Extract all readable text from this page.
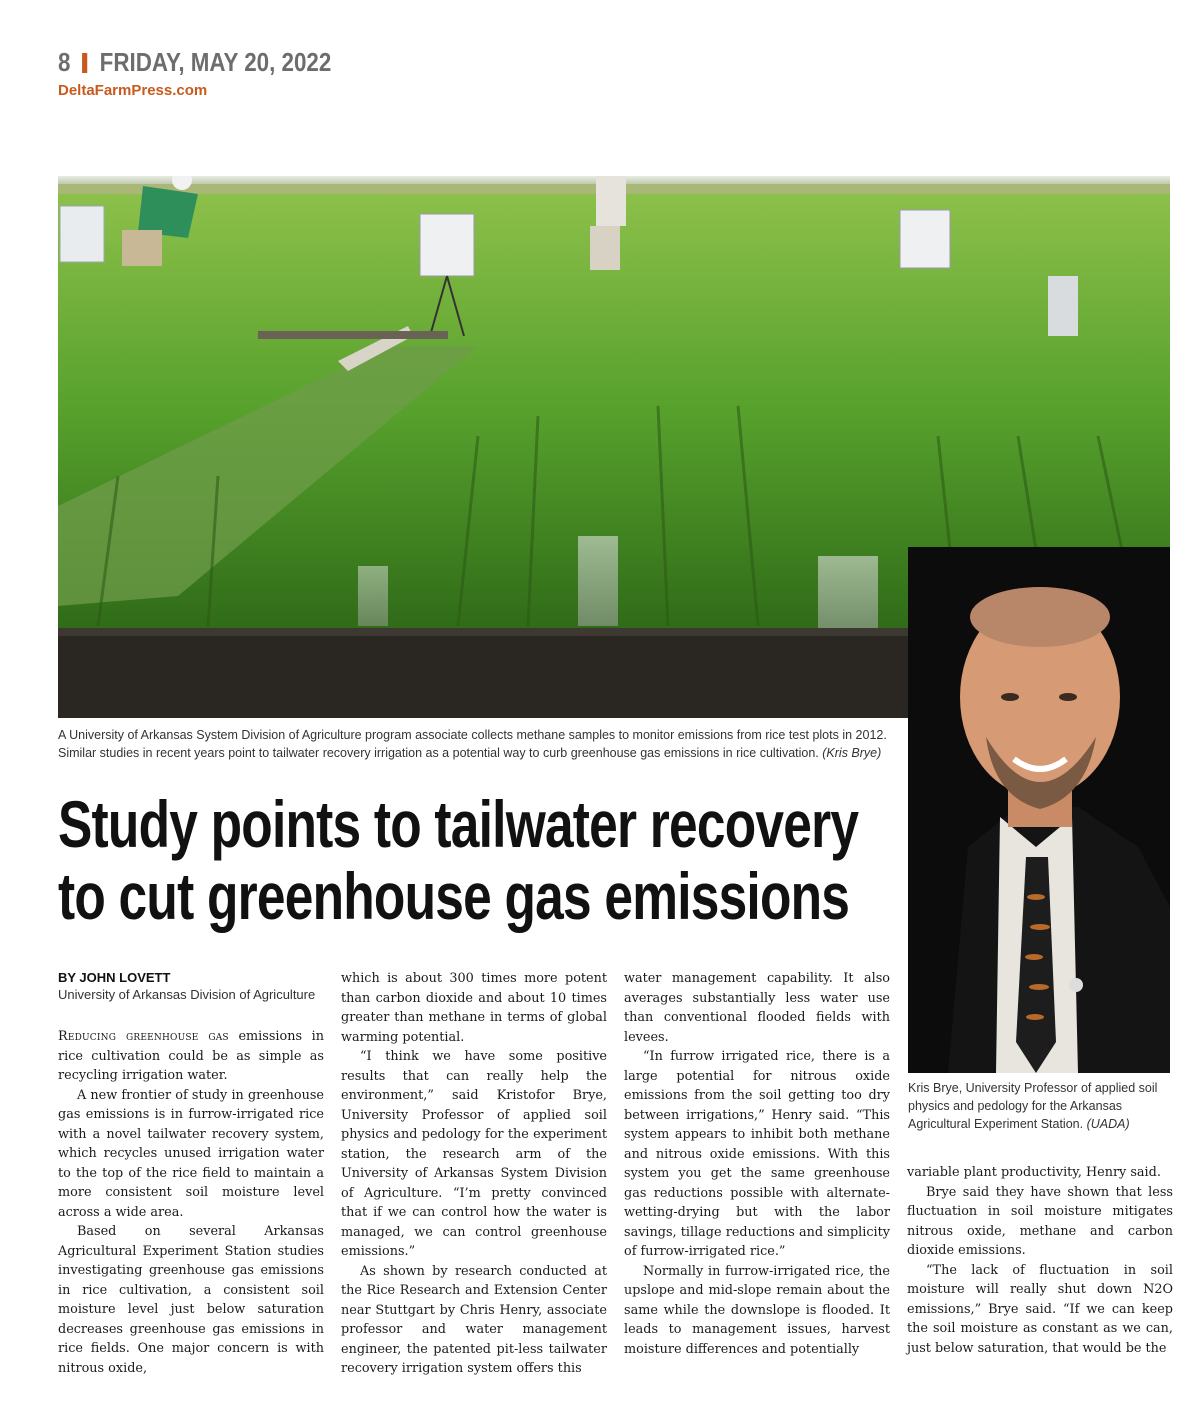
8 FRIDAY, MAY 20, 2022
DeltaFarmPress.com
A University of Arkansas System Division of Agriculture program associate collects methane samples to monitor emissions from rice test plots in 2012. Similar studies in recent years point to tailwater recovery irrigation as a potential way to curb greenhouse gas emissions in rice cultivation. (Kris Brye)
Kris Brye, University Professor of applied soil physics and pedology for the Arkansas Agricultural Experiment Station. (UADA)
Study points to tailwater recovery
to cut greenhouse gas emissions
BY JOHN LOVETT
University of Arkansas Division of Agriculture

Reducing greenhouse gas emissions in rice cultivation could be as simple as recycling irrigation water.

A new frontier of study in greenhouse gas emissions is in furrow-irrigated rice with a novel tailwater recovery system, which recycles unused irrigation water to the top of the rice field to maintain a more consistent soil moisture level across a wide area.

Based on several Arkansas Agricultural Experiment Station studies investigating greenhouse gas emissions in rice cultivation, a consistent soil moisture level just below saturation decreases greenhouse gas emissions in rice fields. One major concern is with nitrous oxide,

which is about 300 times more potent than carbon dioxide and about 10 times greater than methane in terms of global warming potential.

“I think we have some positive results that can really help the environment,” said Kristofor Brye, University Professor of applied soil physics and pedology for the experiment station, the research arm of the University of Arkansas System Division of Agriculture. “I’m pretty convinced that if we can control how the water is managed, we can control greenhouse emissions.”

As shown by research conducted at the Rice Research and Extension Center near Stuttgart by Chris Henry, associate professor and water management engineer, the patented pit-less tailwater recovery irrigation system offers this

water management capability. It also averages substantially less water use than conventional flooded fields with levees.

“In furrow irrigated rice, there is a large potential for nitrous oxide emissions from the soil getting too dry between irrigations,” Henry said. “This system appears to inhibit both methane and nitrous oxide emissions. With this system you get the same greenhouse gas reductions possible with alternate-wetting-drying but with the labor savings, tillage reductions and simplicity of furrow-irrigated rice.”

Normally in furrow-irrigated rice, the upslope and mid-slope remain about the same while the downslope is flooded. It leads to management issues, harvest moisture differences and potentially

variable plant productivity, Henry said.

Brye said they have shown that less fluctuation in soil moisture mitigates nitrous oxide, methane and carbon dioxide emissions.

“The lack of fluctuation in soil moisture will really shut down N2O emissions,” Brye said. “If we can keep the soil moisture as constant as we can, just below saturation, that would be the
